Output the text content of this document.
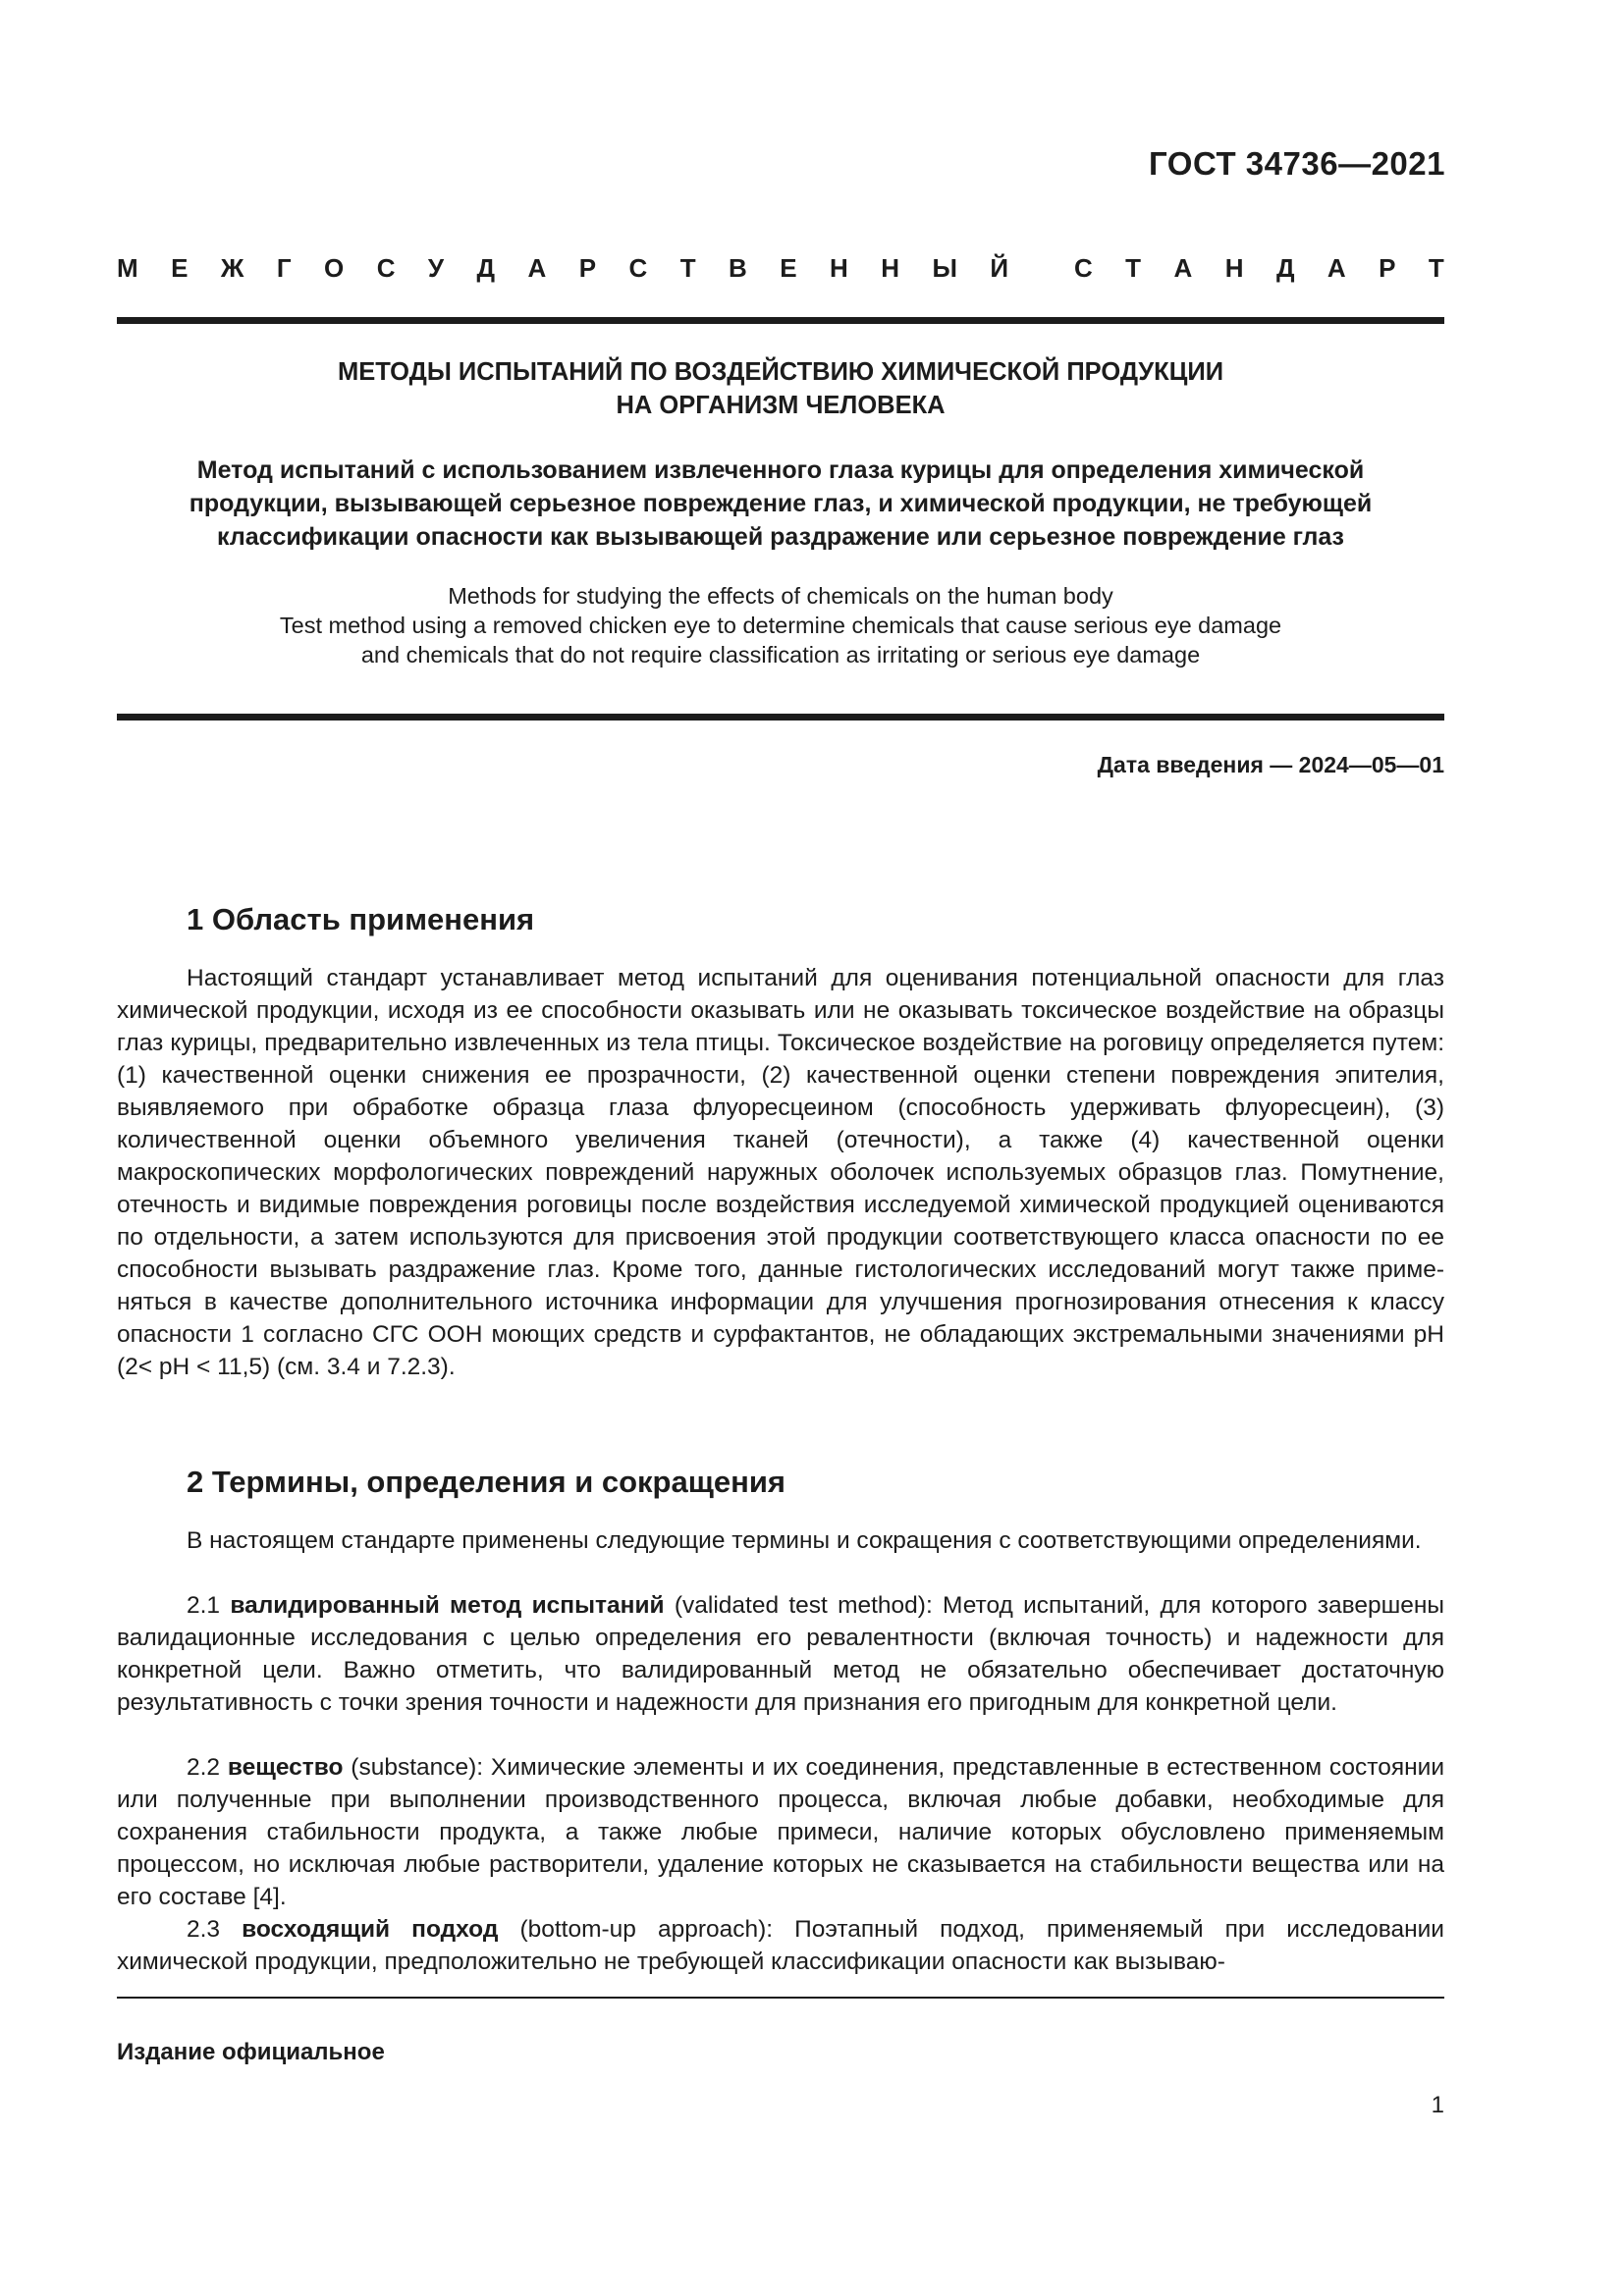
ГОСТ 34736—2021
М Е Ж Г О С У Д А Р С Т В Е Н Н Ы Й	С Т А Н Д А Р Т
МЕТОДЫ ИСПЫТАНИЙ ПО ВОЗДЕЙСТВИЮ ХИМИЧЕСКОЙ ПРОДУКЦИИ
НА ОРГАНИЗМ ЧЕЛОВЕКА
Метод испытаний с использованием извлеченного глаза курицы для определения химической
продукции, вызывающей серьезное повреждение глаз, и химической продукции, не требующей
классификации опасности как вызывающей раздражение или серьезное повреждение глаз
Methods for studying the effects of chemicals on the human body
Test method using a removed chicken eye to determine chemicals that cause serious eye damage
and chemicals that do not require classification as irritating or serious eye damage
Дата введения — 2024—05—01
1 Область применения
Настоящий стандарт устанавливает метод испытаний для оценивания потенциальной опасности для глаз химической продукции, исходя из ее способности оказывать или не оказывать токсическое воздействие на образцы глаз курицы, предварительно извлеченных из тела птицы. Токсическое воздействие на роговицу определяется путем: (1) качественной оценки снижения ее прозрачности, (2) качественной оценки степени повреждения эпителия, выявляемого при обработке образца глаза флуоресцеином (способность удерживать флуоресцеин), (3) количественной оценки объемного увеличения тканей (отечности), а также (4) качественной оценки макроскопических морфологических повреждений наружных оболочек используемых образцов глаз. Помутнение, отечность и видимые повреждения роговицы после воздействия исследуемой химической продукцией оцениваются по отдельности, а затем используются для присвоения этой продукции соответствующего класса опасности по ее способности вызывать раздражение глаз. Кроме того, данные гистологических исследований могут также применяться в качестве дополнительного источника информации для улучшения прогнозирования отнесения к классу опасности 1 согласно СГС ООН моющих средств и сурфактантов, не обладающих экстремальными значениями рН (2< рН < 11,5) (см. 3.4 и 7.2.3).
2 Термины, определения и сокращения
В настоящем стандарте применены следующие термины и сокращения с соответствующими определениями.
2.1 валидированный метод испытаний (validated test method): Метод испытаний, для которого завершены валидационные исследования с целью определения его ревалентности (включая точность) и надежности для конкретной цели. Важно отметить, что валидированный метод не обязательно обеспечивает достаточную результативность с точки зрения точности и надежности для признания его пригодным для конкретной цели.
2.2 вещество (substance): Химические элементы и их соединения, представленные в естественном состоянии или полученные при выполнении производственного процесса, включая любые добавки, необходимые для сохранения стабильности продукта, а также любые примеси, наличие которых обусловлено применяемым процессом, но исключая любые растворители, удаление которых не сказывается на стабильности вещества или на его составе [4].
2.3 восходящий подход (bottom-up approach): Поэтапный подход, применяемый при исследовании химической продукции, предположительно не требующей классификации опасности как вызываю-
Издание официальное
1
